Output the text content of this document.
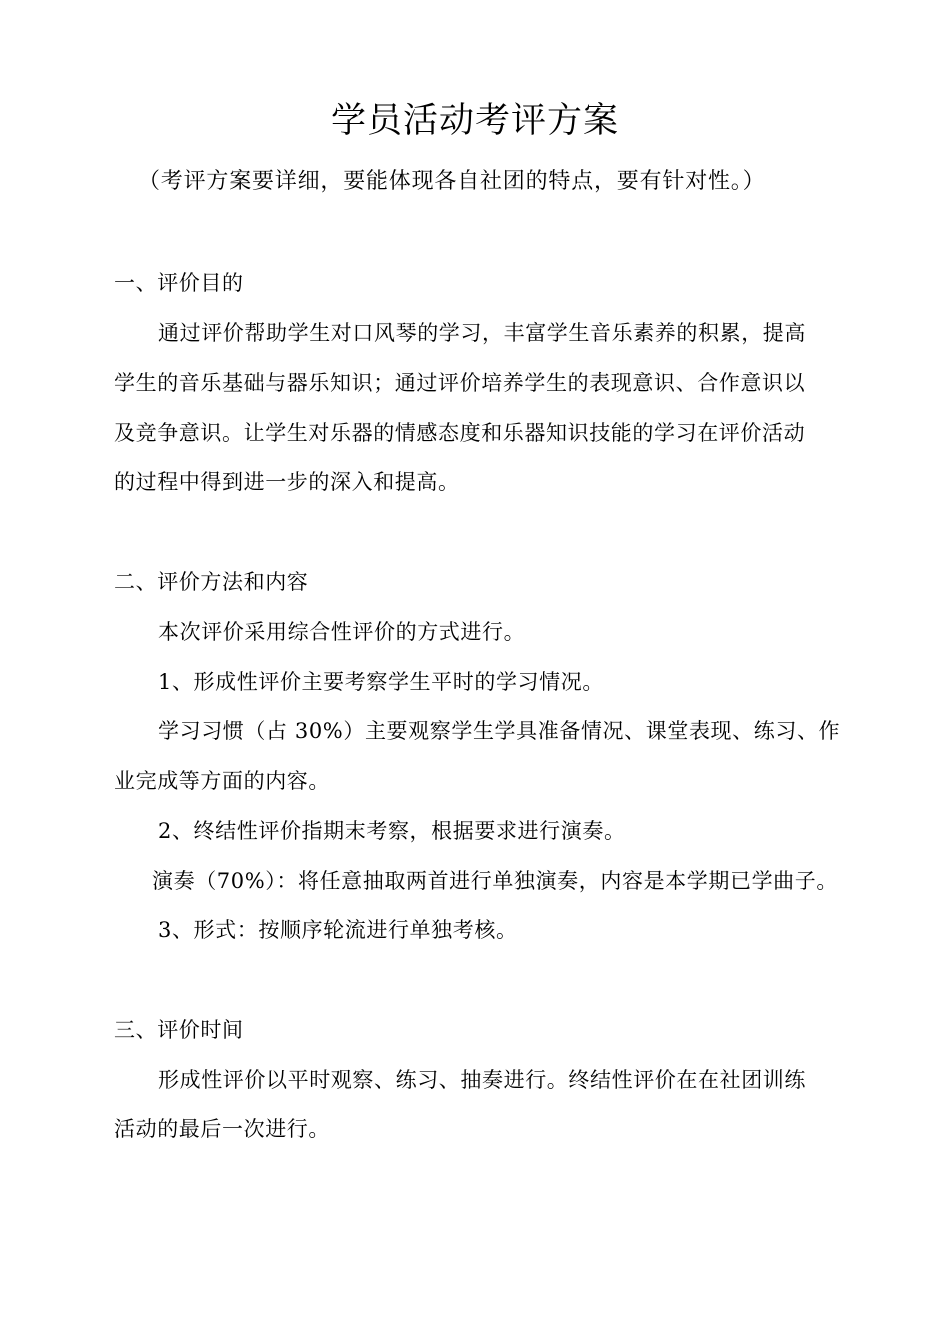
学员活动考评方案
（考评方案要详细，要能体现各自社团的特点，要有针对性。）
一、评价目的
通过评价帮助学生对口风琴的学习，丰富学生音乐素养的积累，提高
学生的音乐基础与器乐知识；通过评价培养学生的表现意识、合作意识以
及竞争意识。让学生对乐器的情感态度和乐器知识技能的学习在评价活动
的过程中得到进一步的深入和提高。
二、评价方法和内容
本次评价采用综合性评价的方式进行。
1、形成性评价主要考察学生平时的学习情况。
学习习惯（占 30%）主要观察学生学具准备情况、课堂表现、练习、作
业完成等方面的内容。
2、终结性评价指期末考察，根据要求进行演奏。
演奏（70%）：将任意抽取两首进行单独演奏，内容是本学期已学曲子。
3、形式：按顺序轮流进行单独考核。
三、评价时间
形成性评价以平时观察、练习、抽奏进行。终结性评价在在社团训练
活动的最后一次进行。
